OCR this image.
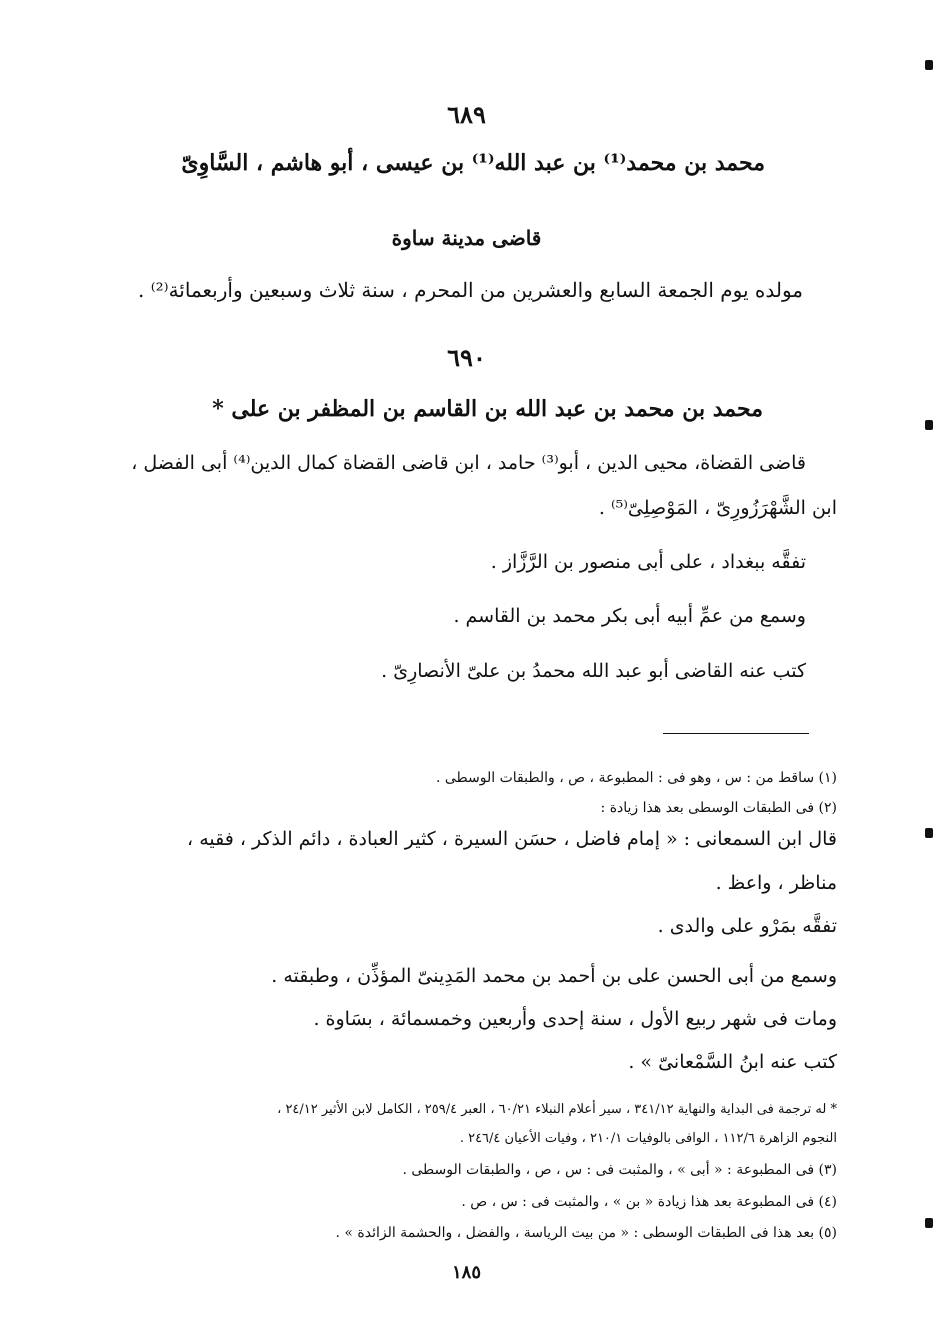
٦٨٩
محمد بن محمد⁽¹⁾ بن عبد الله⁽¹⁾ بن عيسى ، أبو هاشم ، السَّاوِىّ
قاضى مدينة ساوة
مولده يوم الجمعة السابع والعشرين من المحرم ، سنة ثلاث وسبعين وأربعمائة⁽²⁾ .
٦٩٠
محمد بن محمد بن عبد الله بن القاسم بن المظفر بن على *
قاضى القضاة، محيى الدين ، أبو⁽³⁾ حامد ، ابن قاضى القضاة كمال الدين⁽⁴⁾ أبى الفضل ،
ابن الشَّهْرَزُورِىّ ، المَوْصِلِىّ⁽⁵⁾ .
تفقَّه ببغداد ، على أبى منصور بن الرَّزَّاز .
وسمع من عمِّ أبيه أبى بكر محمد بن القاسم .
كتب عنه القاضى أبو عبد الله محمدُ بن علىّ الأنصارِىّ .
(١) ساقط من : س ، وهو فى : المطبوعة ، ص ، والطبقات الوسطى .
(٢) فى الطبقات الوسطى بعد هذا زيادة :
قال ابن السمعانى : « إمام فاضل ، حسَن السيرة ، كثير العبادة ، دائم الذكر ، فقيه ،
مناظر ، واعظ .
تفقَّه بمَرْو على والدى .
وسمع من أبى الحسن على بن أحمد بن محمد المَدِينىّ المؤذِّن ، وطبقته .
ومات فى شهر ربيع الأول ، سنة إحدى وأربعين وخمسمائة ، بسَاوة .
كتب عنه ابنُ السَّمْعانىّ » .
* له ترجمة فى البداية والنهاية ٣٤١/١٢ ، سير أعلام النبلاء ٦٠/٢١ ، العبر ٢٥٩/٤ ، الكامل لابن الأثير ٢٤/١٢ ،
النجوم الزاهرة ١١٢/٦ ، الوافى بالوفيات ٢١٠/١ ، وفيات الأعيان ٢٤٦/٤ .
(٣) فى المطبوعة : « أبى » ، والمثبت فى : س ، ص ، والطبقات الوسطى .
(٤) فى المطبوعة بعد هذا زيادة « بن » ، والمثبت فى : س ، ص .
(٥) بعد هذا فى الطبقات الوسطى : « من بيت الرياسة ، والفضل ، والحشمة الزائدة » .
١٨٥
